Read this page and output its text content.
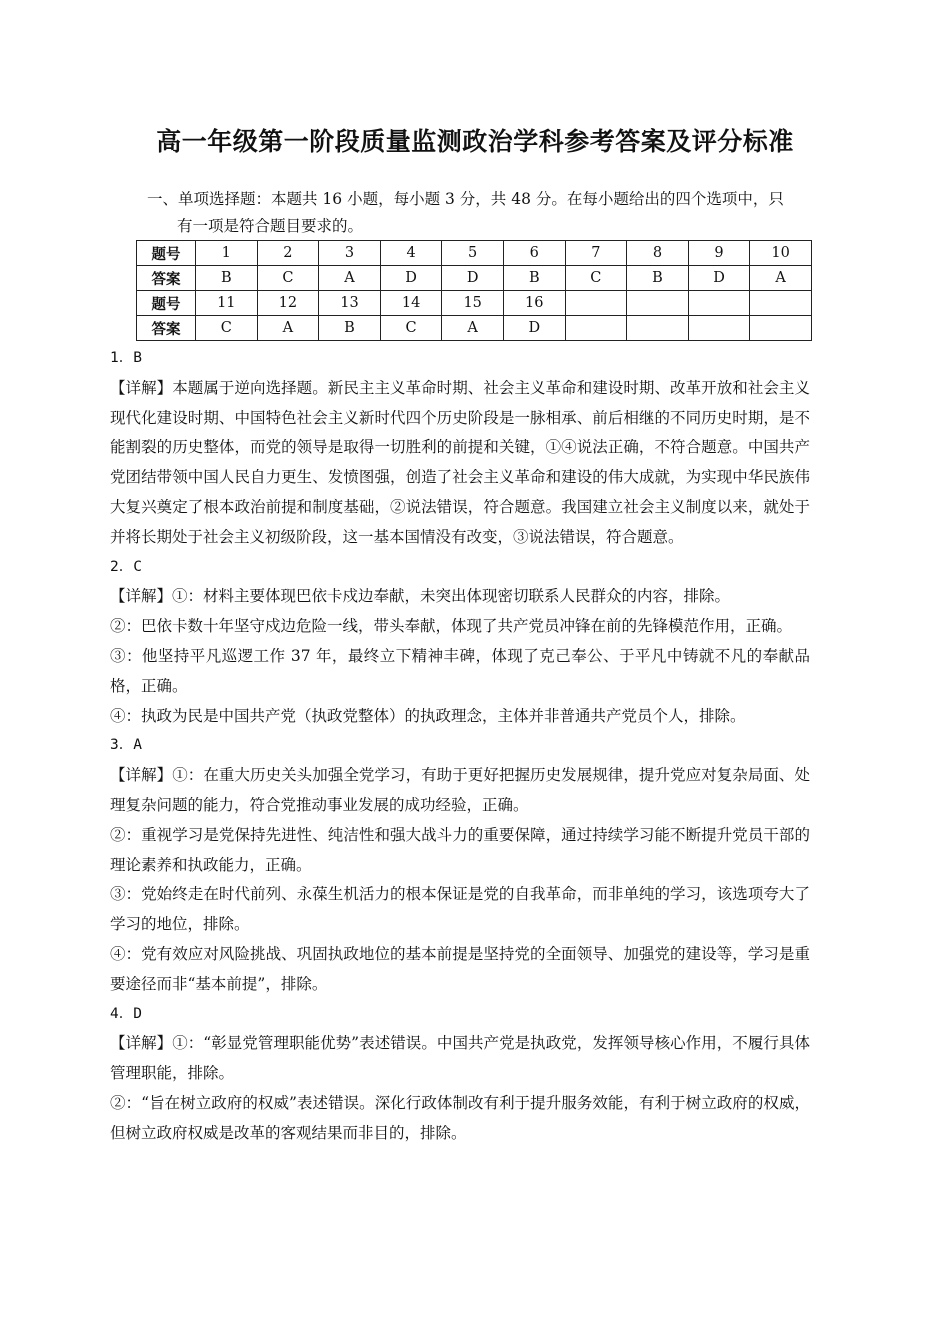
高一年级第一阶段质量监测政治学科参考答案及评分标准
一、单项选择题：本题共 16 小题，每小题 3 分，共 48 分。在每小题给出的四个选项中，只
有一项是符合题目要求的。
题号	1	2	3	4	5	6	7	8	9	10
答案	B	C	A	D	D	B	C	B	D	A
题号	11	12	13	14	15	16				
答案	C	A	B	C	A	D				

1．B

【详解】本题属于逆向选择题。新民主主义革命时期、社会主义革命和建设时期、改革开放和社会主义现代化建设时期、中国特色社会主义新时代四个历史阶段是一脉相承、前后相继的不同历史时期，是不能割裂的历史整体，而党的领导是取得一切胜利的前提和关键，①④说法正确，不符合题意。中国共产党团结带领中国人民自力更生、发愤图强，创造了社会主义革命和建设的伟大成就，为实现中华民族伟大复兴奠定了根本政治前提和制度基础，②说法错误，符合题意。我国建立社会主义制度以来，就处于并将长期处于社会主义初级阶段，这一基本国情没有改变，③说法错误，符合题意。

2．C

【详解】①：材料主要体现巴依卡戍边奉献，未突出体现密切联系人民群众的内容，排除。

②：巴依卡数十年坚守戍边危险一线，带头奉献，体现了共产党员冲锋在前的先锋模范作用，正确。

③：他坚持平凡巡逻工作 37 年，最终立下精神丰碑，体现了克己奉公、于平凡中铸就不凡的奉献品格，正确。

④：执政为民是中国共产党（执政党整体）的执政理念，主体并非普通共产党员个人，排除。

3．A

【详解】①：在重大历史关头加强全党学习，有助于更好把握历史发展规律，提升党应对复杂局面、处理复杂问题的能力，符合党推动事业发展的成功经验，正确。

②：重视学习是党保持先进性、纯洁性和强大战斗力的重要保障，通过持续学习能不断提升党员干部的理论素养和执政能力，正确。

③：党始终走在时代前列、永葆生机活力的根本保证是党的自我革命，而非单纯的学习，该选项夸大了学习的地位，排除。

④：党有效应对风险挑战、巩固执政地位的基本前提是坚持党的全面领导、加强党的建设等，学习是重要途径而非“基本前提”，排除。

4．D

【详解】①：“彰显党管理职能优势”表述错误。中国共产党是执政党，发挥领导核心作用，不履行具体管理职能，排除。

②：“旨在树立政府的权威”表述错误。深化行政体制改有利于提升服务效能，有利于树立政府的权威，但树立政府权威是改革的客观结果而非目的，排除。
